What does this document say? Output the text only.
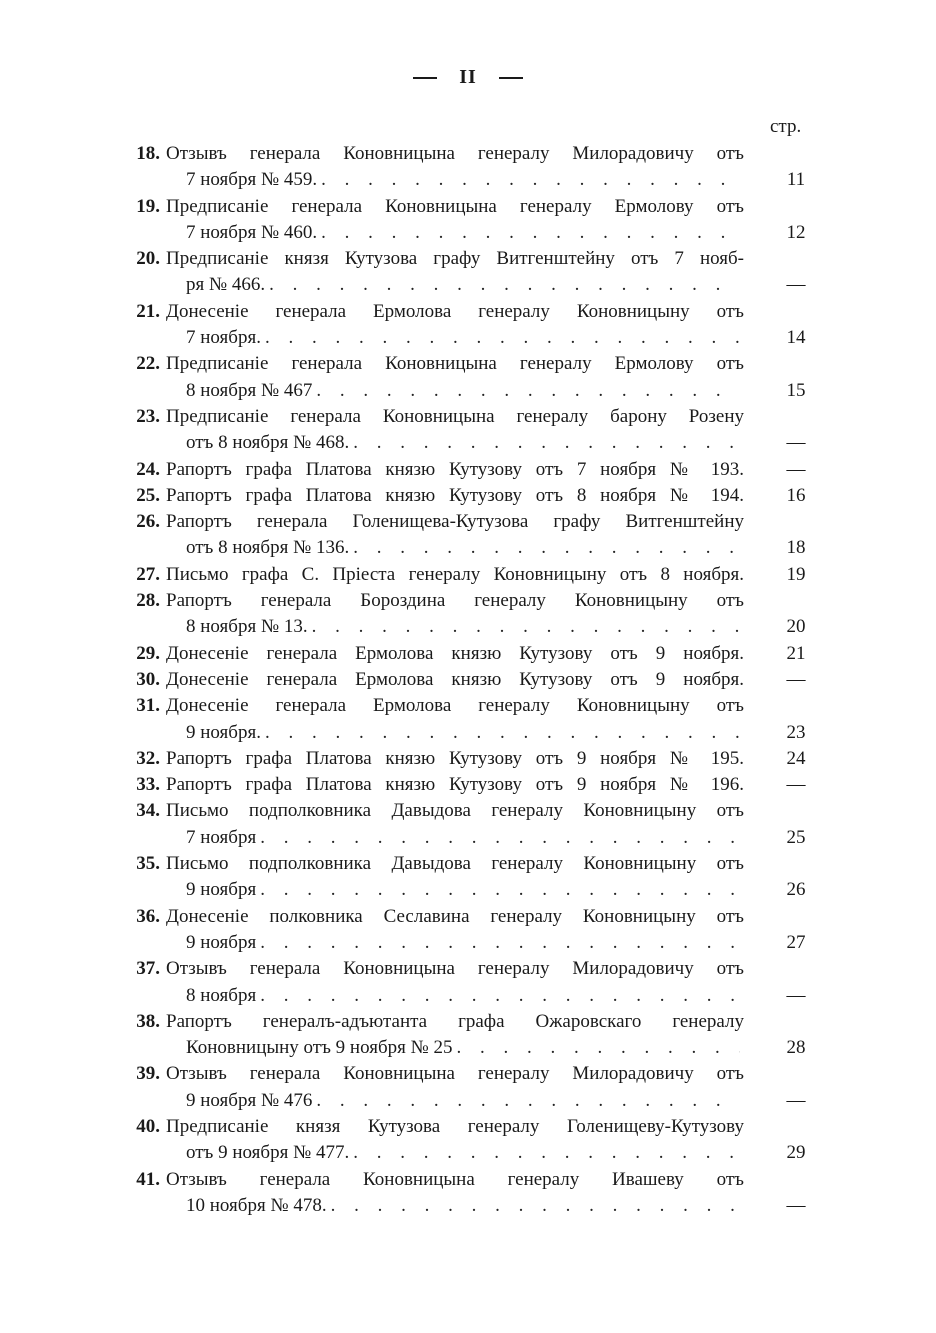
II
стр.
18. Отзывъ генерала Коновницына генералу Милорадовичу отъ
7 ноября № 459. . . .	11
19. Предписаніе генерала Коновницына генералу Ермолову отъ
7 ноября № 460. . . .	12
20. Предписаніе князя Кутузова графу Витгенштейну отъ 7 нояб-
ря № 466. . . .	—
21. Донесеніе генерала Ермолова генералу Коновницыну отъ
7 ноября. . . .	14
22. Предписаніе генерала Коновницына генералу Ермолову отъ
8 ноября № 467 . . .	15
23. Предписаніе генерала Коновницына генералу барону Розену
отъ 8 ноября № 468. . . .	—
24. Рапортъ графа Платова князю Кутузову отъ 7 ноября № 193.	—
25. Рапортъ графа Платова князю Кутузову отъ 8 ноября № 194.	16
26. Рапортъ генерала Голенищева-Кутузова графу Витгенштейну
отъ 8 ноября № 136. . . .	18
27. Письмо графа С. Пріеста генералу Коновницыну отъ 8 ноября.	19
28. Рапортъ генерала Бороздина генералу Коновницыну отъ
8 ноября № 13. . . .	20
29. Донесеніе генерала Ермолова князю Кутузову отъ 9 ноября.	21
30. Донесеніе генерала Ермолова князю Кутузову отъ 9 ноября.	—
31. Донесеніе генерала Ермолова генералу Коновницыну отъ
9 ноября. . . .	23
32. Рапортъ графа Платова князю Кутузову отъ 9 ноября № 195.	24
33. Рапортъ графа Платова князю Кутузову отъ 9 ноября № 196.	—
34. Письмо подполковника Давыдова генералу Коновницыну отъ
7 ноября . . .	25
35. Письмо подполковника Давыдова генералу Коновницыну отъ
9 ноября . . .	26
36. Донесеніе полковника Сеславина генералу Коновницыну отъ
9 ноября . . .	27
37. Отзывъ генерала Коновницына генералу Милорадовичу отъ
8 ноября . . .	—
38. Рапортъ генералъ-адъютанта графа Ожаровскаго генералу
Коновницыну отъ 9 ноября № 25 . . .	28
39. Отзывъ генерала Коновницына генералу Милорадовичу отъ
9 ноября № 476 . . .	—
40. Предписаніе князя Кутузова генералу Голенищеву-Кутузову
отъ 9 ноября № 477. . . .	29
41. Отзывъ генерала Коновницына генералу Ивашеву отъ
10 ноября № 478. . . .	—
